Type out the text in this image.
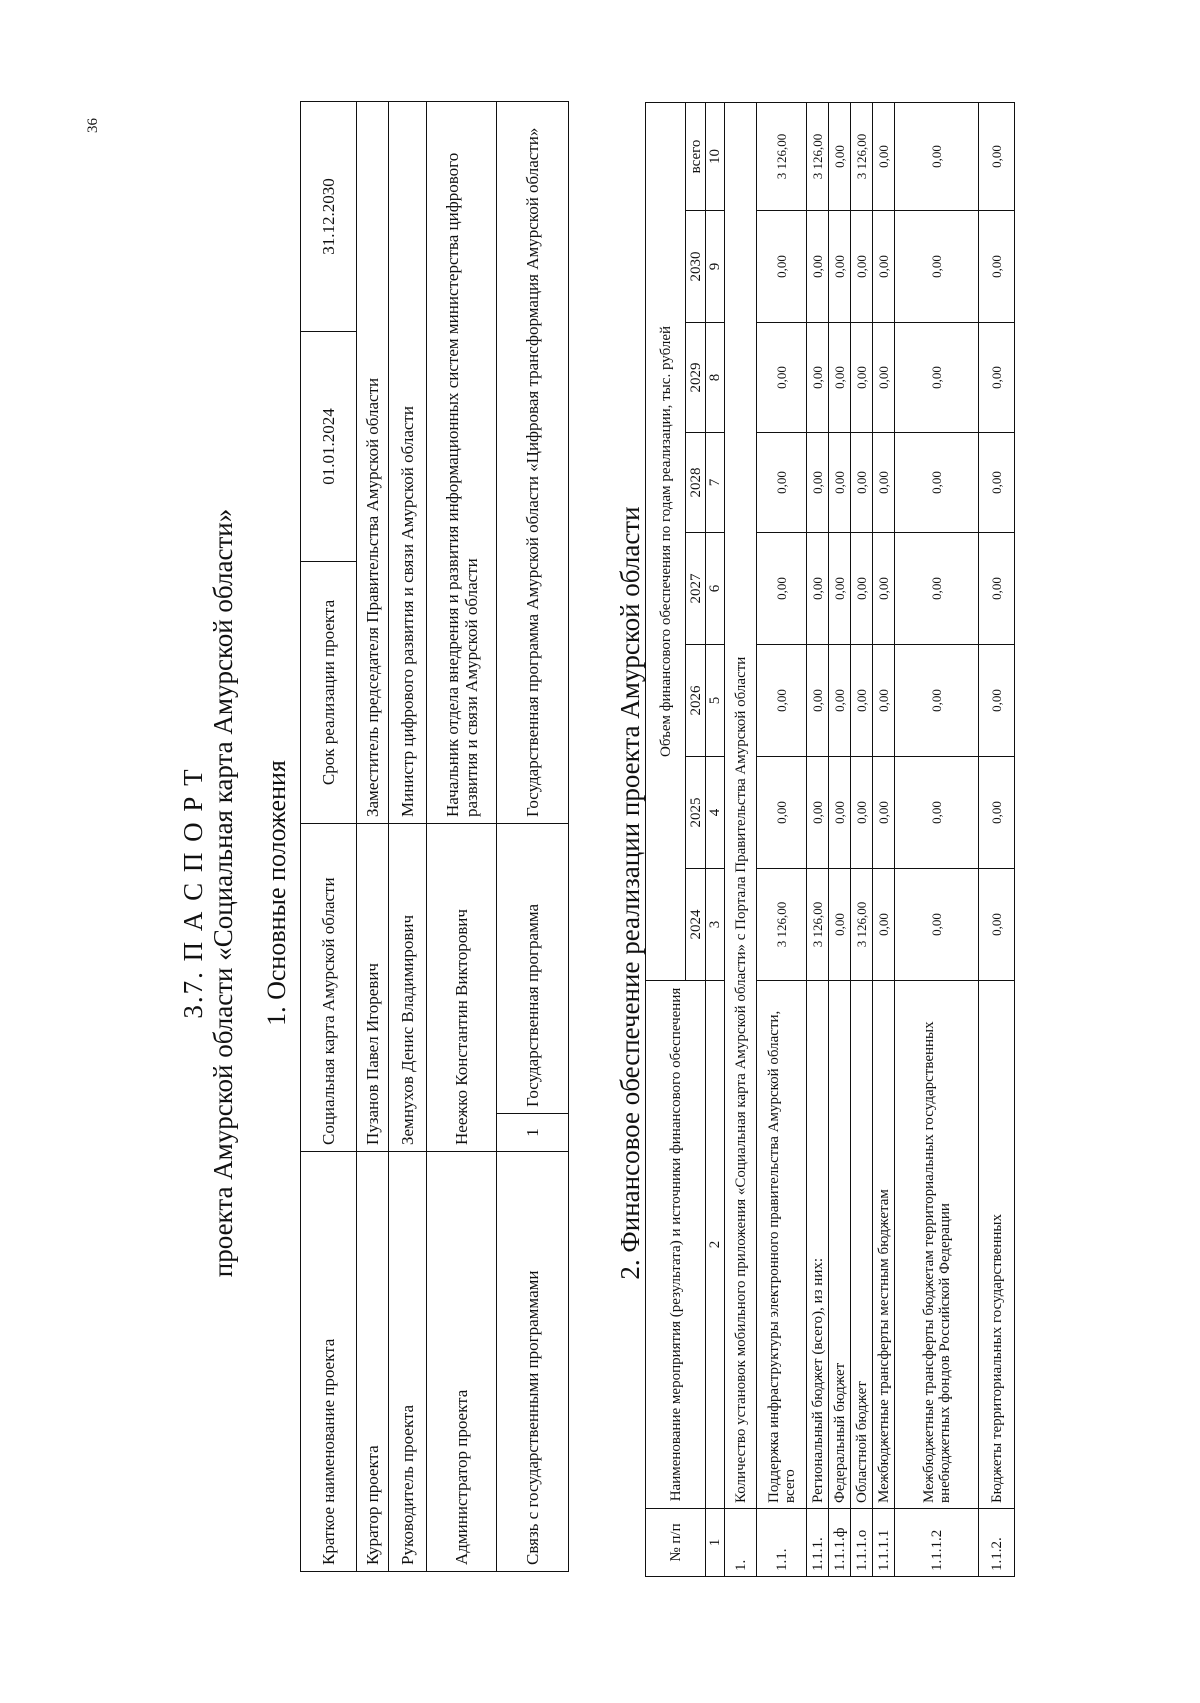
36
3.7. П А С П О Р Т проекта Амурской области «Социальная карта Амурской области» 1. Основные положения	2. Финансовое обеспечение реализации проекта Амурской области
Краткое наименование проекта	Социальная карта Амурской области		Срок реализации проекта	01.01.2024	31.12.2030
Куратор проекта	Пузанов Павел Игоревич		Заместитель председателя Правительства Амурской области		
Руководитель проекта	Земнухов Денис Владимирович		Министр цифрового развития и связи Амурской области		
Администратор проекта	Неежко Константин Викторович		Начальник отдела внедрения и развития информационных систем министерства цифрового развития и связи Амурской области		
Связь с государственными программами	1	Государственная программа	Государственная программа Амурской области «Цифровая трансформация Амурской области»		
№ п/п	Наименование мероприятия (результата) и источники финансового обеспечения	Объем финансового обеспечения по годам реализации, тыс. рублей							
		2024	2025	2026	2027	2028	2029	2030	всего
1	2	3	4	5	6	7	8	9	10
1.	Количество установок мобильного приложения «Социальная карта Амурской области» с Портала Правительства Амурской области								
1.1.	Поддержка инфраструктуры электронного правительства Амурской области, всего	3 126,00	0,00	0,00	0,00	0,00	0,00	0,00	3 126,00
1.1.1.	Региональный бюджет (всего), из них:	3 126,00	0,00	0,00	0,00	0,00	0,00	0,00	3 126,00
1.1.1.ф	Федеральный бюджет	0,00	0,00	0,00	0,00	0,00	0,00	0,00	0,00
1.1.1.о	Областной бюджет	3 126,00	0,00	0,00	0,00	0,00	0,00	0,00	3 126,00
1.1.1.1	Межбюджетные трансферты местным бюджетам	0,00	0,00	0,00	0,00	0,00	0,00	0,00	0,00
1.1.1.2	Межбюджетные трансферты бюджетам территориальных государственных внебюджетных фондов Российской Федерации	0,00	0,00	0,00	0,00	0,00	0,00	0,00	0,00
1.1.2.	Бюджеты территориальных государственных	0,00	0,00	0,00	0,00	0,00	0,00	0,00	0,00
